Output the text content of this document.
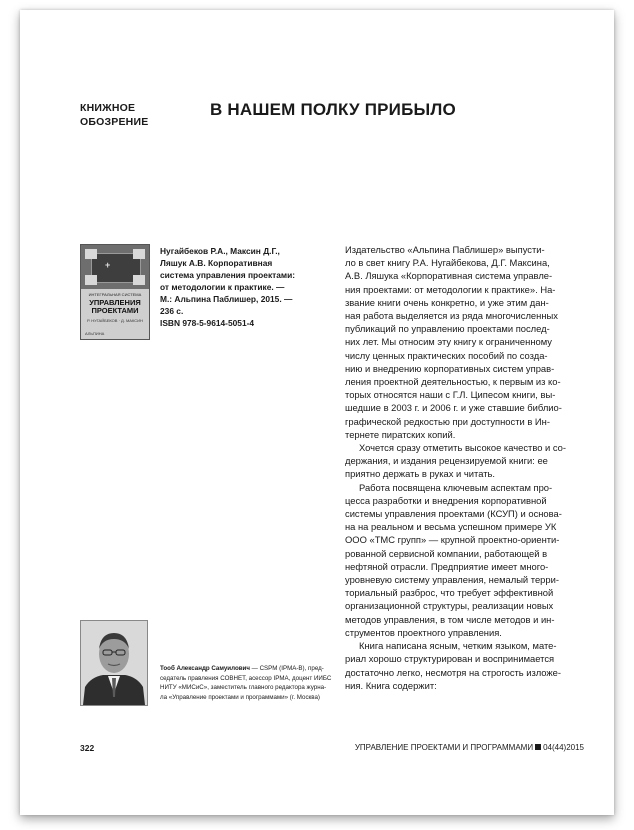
КНИЖНОЕ
ОБОЗРЕНИЕ
В НАШЕМ ПОЛКУ ПРИБЫЛО
+
ИНТЕГРАЛЬНАЯ СИСТЕМА
УПРАВЛЕНИЯ
ПРОЕКТАМИ
Р. НУГАЙБЕКОВ · Д. МАКСИН
АЛЬПИНА
Нугайбеков Р.А., Максин Д.Г.,
Ляшук А.В. Корпоративная
система управления проектами:
от методологии к практике. —
М.: Альпина Паблишер, 2015. —
236 с.
ISBN 978-5-9614-5051-4
Издательство «Альпина Паблишер» выпусти-
ло в свет книгу Р.А. Нугайбекова, Д.Г. Максина,
А.В. Ляшука «Корпоративная система управле-
ния проектами: от методологии к практике». На-
звание книги очень конкретно, и уже этим дан-
ная работа выделяется из ряда многочисленных
публикаций по управлению проектами послед-
них лет. Мы относим эту книгу к ограниченному
числу ценных практических пособий по созда-
нию и внедрению корпоративных систем управ-
ления проектной деятельностью, к первым из ко-
торых относятся наши с Г.Л. Ципесом книги, вы-
шедшие в 2003 г. и 2006 г. и уже ставшие библио-
графической редкостью при доступности в Ин-
тернете пиратских копий.
Хочется сразу отметить высокое качество и со-
держания, и издания рецензируемой книги: ее
приятно держать в руках и читать.
Работа посвящена ключевым аспектам про-
цесса разработки и внедрения корпоративной
системы управления проектами (КСУП) и основа-
на на реальном и весьма успешном примере УК
ООО «ТМС групп» — крупной проектно-ориенти-
рованной сервисной компании, работающей в
нефтяной отрасли. Предприятие имеет много-
уровневую систему управления, немалый терри-
ториальный разброс, что требует эффективной
организационной структуры, реализации новых
методов управления, в том числе методов и ин-
струментов проектного управления.
Книга написана ясным, четким языком, мате-
риал хорошо структурирован и воспринимается
достаточно легко, несмотря на строгость изложе-
ния. Книга содержит:
Тооб Александр Самуилович — CSPM (IPMA-B), пред-
седатель правления СОВНЕТ, асессор IPMA, доцент ИИБС
НИТУ «МИСиС», заместитель главного редактора журна-
ла «Управление проектами и программами» (г. Москва)
322	УПРАВЛЕНИЕ ПРОЕКТАМИ И ПРОГРАММАМИ 04(44)2015
